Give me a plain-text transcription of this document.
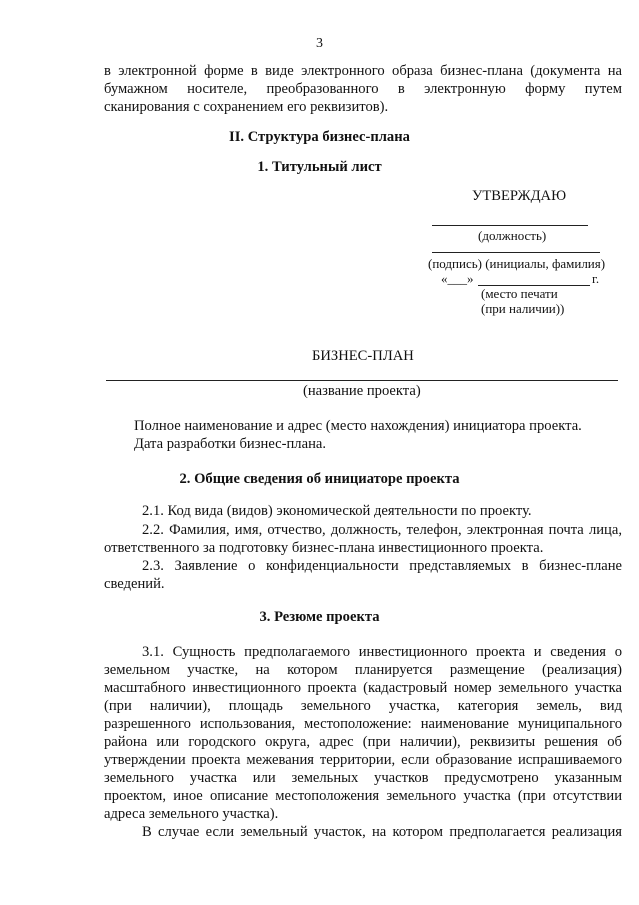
3
в электронной форме в виде электронного образа бизнес-плана (документа на
бумажном носителе, преобразованного в электронную форму путем
сканирования с сохранением его реквизитов).
II. Структура бизнес-плана
1. Титульный лист
УТВЕРЖДАЮ
(должность)
(подпись) (инициалы, фамилия)
«___»	г.
(место печати
(при наличии))
БИЗНЕС-ПЛАН
(название проекта)
Полное наименование и адрес (место нахождения) инициатора проекта.
Дата разработки бизнес-плана.
2. Общие сведения об инициаторе проекта
2.1. Код вида (видов) экономической деятельности по проекту.
2.2. Фамилия, имя, отчество, должность, телефон, электронная почта лица,
ответственного за подготовку бизнес-плана инвестиционного проекта.
2.3. Заявление о конфиденциальности представляемых в бизнес-плане
сведений.
3. Резюме проекта
3.1. Сущность предполагаемого инвестиционного проекта и сведения о
земельном участке, на котором планируется размещение (реализация)
масштабного инвестиционного проекта (кадастровый номер земельного участка
(при наличии), площадь земельного участка, категория земель, вид
разрешенного использования, местоположение: наименование муниципального
района или городского округа, адрес (при наличии), реквизиты решения об
утверждении проекта межевания территории, если образование испрашиваемого
земельного участка или земельных участков предусмотрено указанным
проектом, иное описание местоположения земельного участка (при отсутствии
адреса земельного участка).
В случае если земельный участок, на котором предполагается реализация
